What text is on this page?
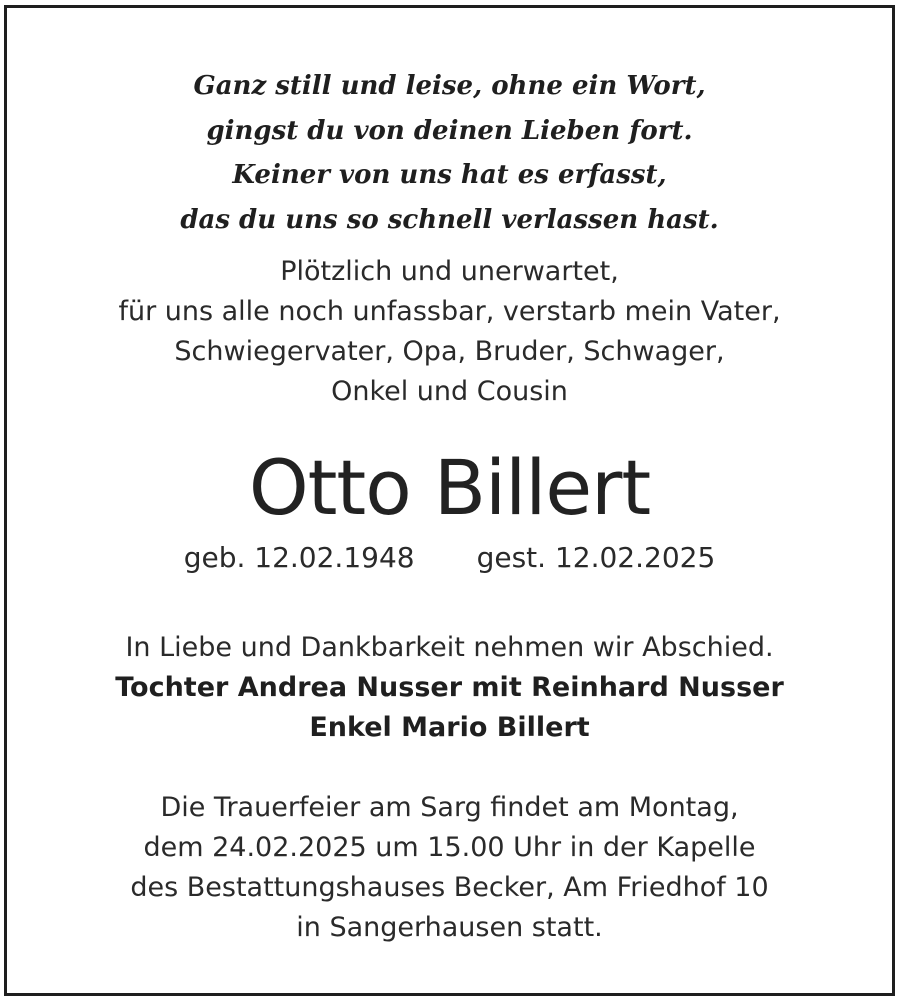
Ganz still und leise, ohne ein Wort,
gingst du von deinen Lieben fort.
Keiner von uns hat es erfasst,
das du uns so schnell verlassen hast.
Plötzlich und unerwartet,
für uns alle noch unfassbar, verstarb mein Vater,
Schwiegervater, Opa, Bruder, Schwager,
Onkel und Cousin
Otto Billert
geb. 12.02.1948 gest. 12.02.2025
In Liebe und Dankbarkeit nehmen wir Abschied.
Tochter Andrea Nusser mit Reinhard Nusser
Enkel Mario Billert
Die Trauerfeier am Sarg findet am Montag,
dem 24.02.2025 um 15.00 Uhr in der Kapelle
des Bestattungshauses Becker, Am Friedhof 10
in Sangerhausen statt.
